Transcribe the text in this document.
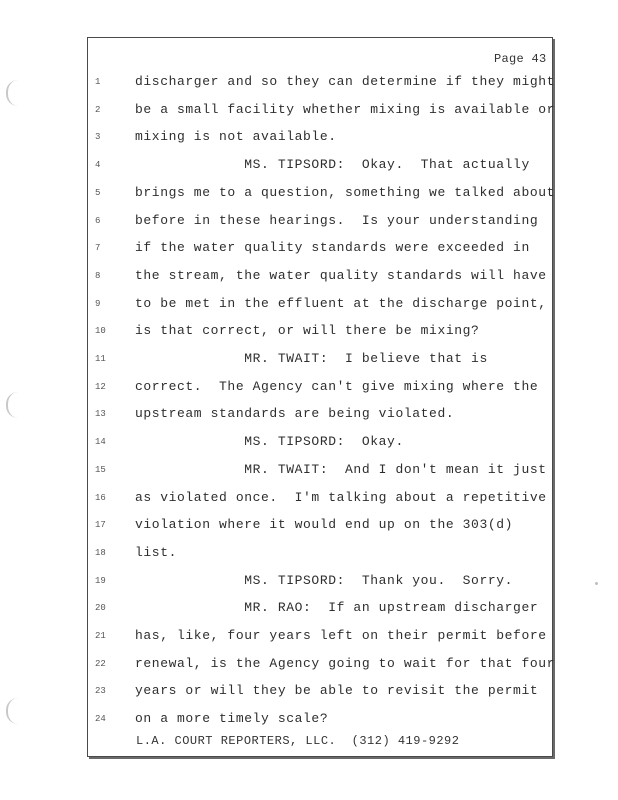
Page 43
1	discharger and so they can determine if they might
2	be a small facility whether mixing is available or
3	mixing is not available.
4	MS. TIPSORD:  Okay.  That actually
5	brings me to a question, something we talked about
6	before in these hearings.  Is your understanding
7	if the water quality standards were exceeded in
8	the stream, the water quality standards will have
9	to be met in the effluent at the discharge point,
10	is that correct, or will there be mixing?
11	MR. TWAIT:  I believe that is
12	correct.  The Agency can't give mixing where the
13	upstream standards are being violated.
14	MS. TIPSORD:  Okay.
15	MR. TWAIT:  And I don't mean it just
16	as violated once.  I'm talking about a repetitive
17	violation where it would end up on the 303(d)
18	list.
19	MS. TIPSORD:  Thank you.  Sorry.
20	MR. RAO:  If an upstream discharger
21	has, like, four years left on their permit before
22	renewal, is the Agency going to wait for that four
23	years or will they be able to revisit the permit
24	on a more timely scale?
L.A. COURT REPORTERS, LLC.  (312) 419-9292
